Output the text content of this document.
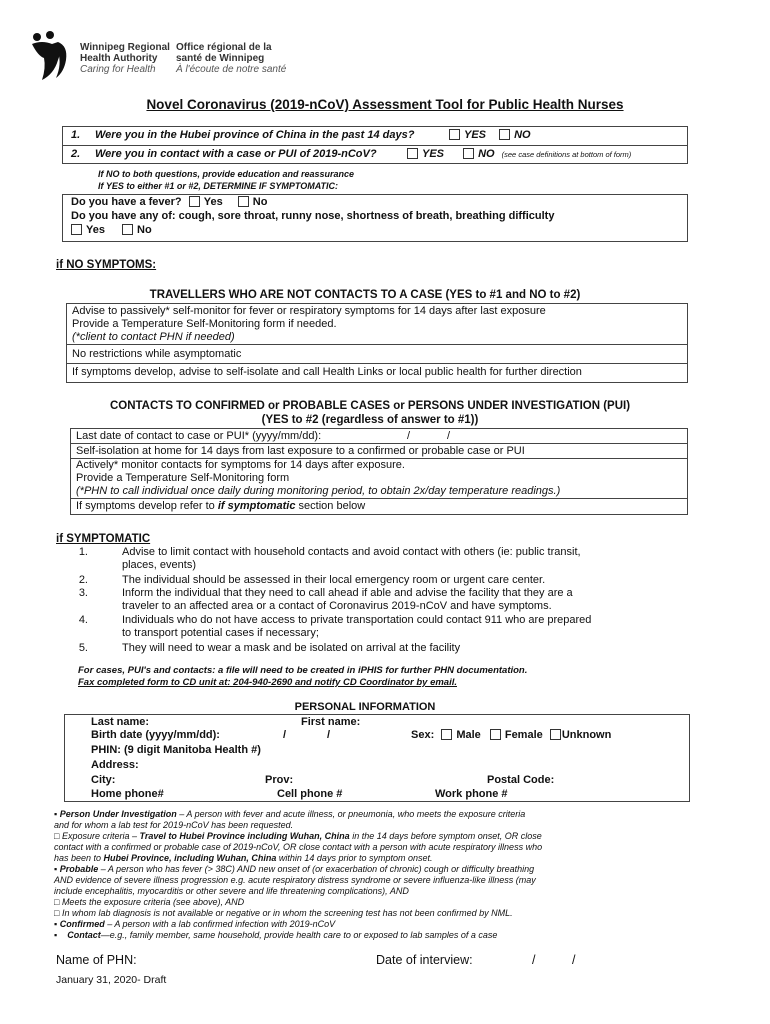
Winnipeg Regional
Health Authority
Caring for Health
Office régional de la
santé de Winnipeg
À l'écoute de notre santé
Novel Coronavirus (2019-nCoV) Assessment Tool for Public Health Nurses
1. Were you in the Hubei province of China in the past 14 days?	YES	NO
2. Were you in contact with a case or PUI of 2019-nCoV?	YES	NO (see case definitions at bottom of form)
If NO to both questions, provide education and reassurance
If YES to either #1 or #2, DETERMINE IF SYMPTOMATIC:
Do you have a fever? Yes	No
Do you have any of: cough, sore throat, runny nose, shortness of breath, breathing difficulty
Yes	No
if NO SYMPTOMS:
TRAVELLERS WHO ARE NOT CONTACTS TO A CASE (YES to #1 and NO to #2)
Advise to passively* self-monitor for fever or respiratory symptoms for 14 days after last exposure
Provide a Temperature Self-Monitoring form if needed.
(*client to contact PHN if needed)
No restrictions while asymptomatic
If symptoms develop, advise to self-isolate and call Health Links or local public health for further direction
CONTACTS TO CONFIRMED or PROBABLE CASES or PERSONS UNDER INVESTIGATION (PUI)
(YES to #2 (regardless of answer to #1))
Last date of contact to case or PUI* (yyyy/mm/dd):	/	/
Self-isolation at home for 14 days from last exposure to a confirmed or probable case or PUI
Actively* monitor contacts for symptoms for 14 days after exposure.
Provide a Temperature Self-Monitoring form
(*PHN to call individual once daily during monitoring period, to obtain 2x/day temperature readings.)
If symptoms develop refer to if symptomatic section below
if SYMPTOMATIC
1.	Advise to limit contact with household contacts and avoid contact with others (ie: public transit,
places, events)
2.	The individual should be assessed in their local emergency room or urgent care center.
3.	Inform the individual that they need to call ahead if able and advise the facility that they are a
traveler to an affected area or a contact of Coronavirus 2019-nCoV and have symptoms.
4.	Individuals who do not have access to private transportation could contact 911 who are prepared
to transport potential cases if necessary;
5.	They will need to wear a mask and be isolated on arrival at the facility
For cases, PUI's and contacts: a file will need to be created in iPHIS for further PHN documentation.
Fax completed form to CD unit at: 204-940-2690 and notify CD Coordinator by email.
PERSONAL INFORMATION
Last name:	First name:
Birth date (yyyy/mm/dd):	/	/	Sex: Male Female Unknown
PHIN: (9 digit Manitoba Health #)
Address:
City:	Prov:	Postal Code:
Home phone#	Cell phone #	Work phone #
▪ Person Under Investigation – A person with fever and acute illness, or pneumonia, who meets the exposure criteria
and for whom a lab test for 2019-nCoV has been requested.
□ Exposure criteria – Travel to Hubei Province including Wuhan, China in the 14 days before symptom onset, OR close
contact with a confirmed or probable case of 2019-nCoV, OR close contact with a person with acute respiratory illness who
has been to Hubei Province, including Wuhan, China within 14 days prior to symptom onset.
▪ Probable – A person who has fever (> 38C) AND new onset of (or exacerbation of chronic) cough or difficulty breathing
AND evidence of severe illness progression e.g. acute respiratory distress syndrome or severe influenza-like illness (may
include encephalitis, myocarditis or other severe and life threatening complications), AND
□ Meets the exposure criteria (see above), AND
□ In whom lab diagnosis is not available or negative or in whom the screening test has not been confirmed by NML.
▪ Confirmed – A person with a lab confirmed infection with 2019-nCoV
▪    Contact—e.g., family member, same household, provide health care to or exposed to lab samples of a case
Name of PHN:	Date of interview:	/	/
January 31, 2020- Draft
